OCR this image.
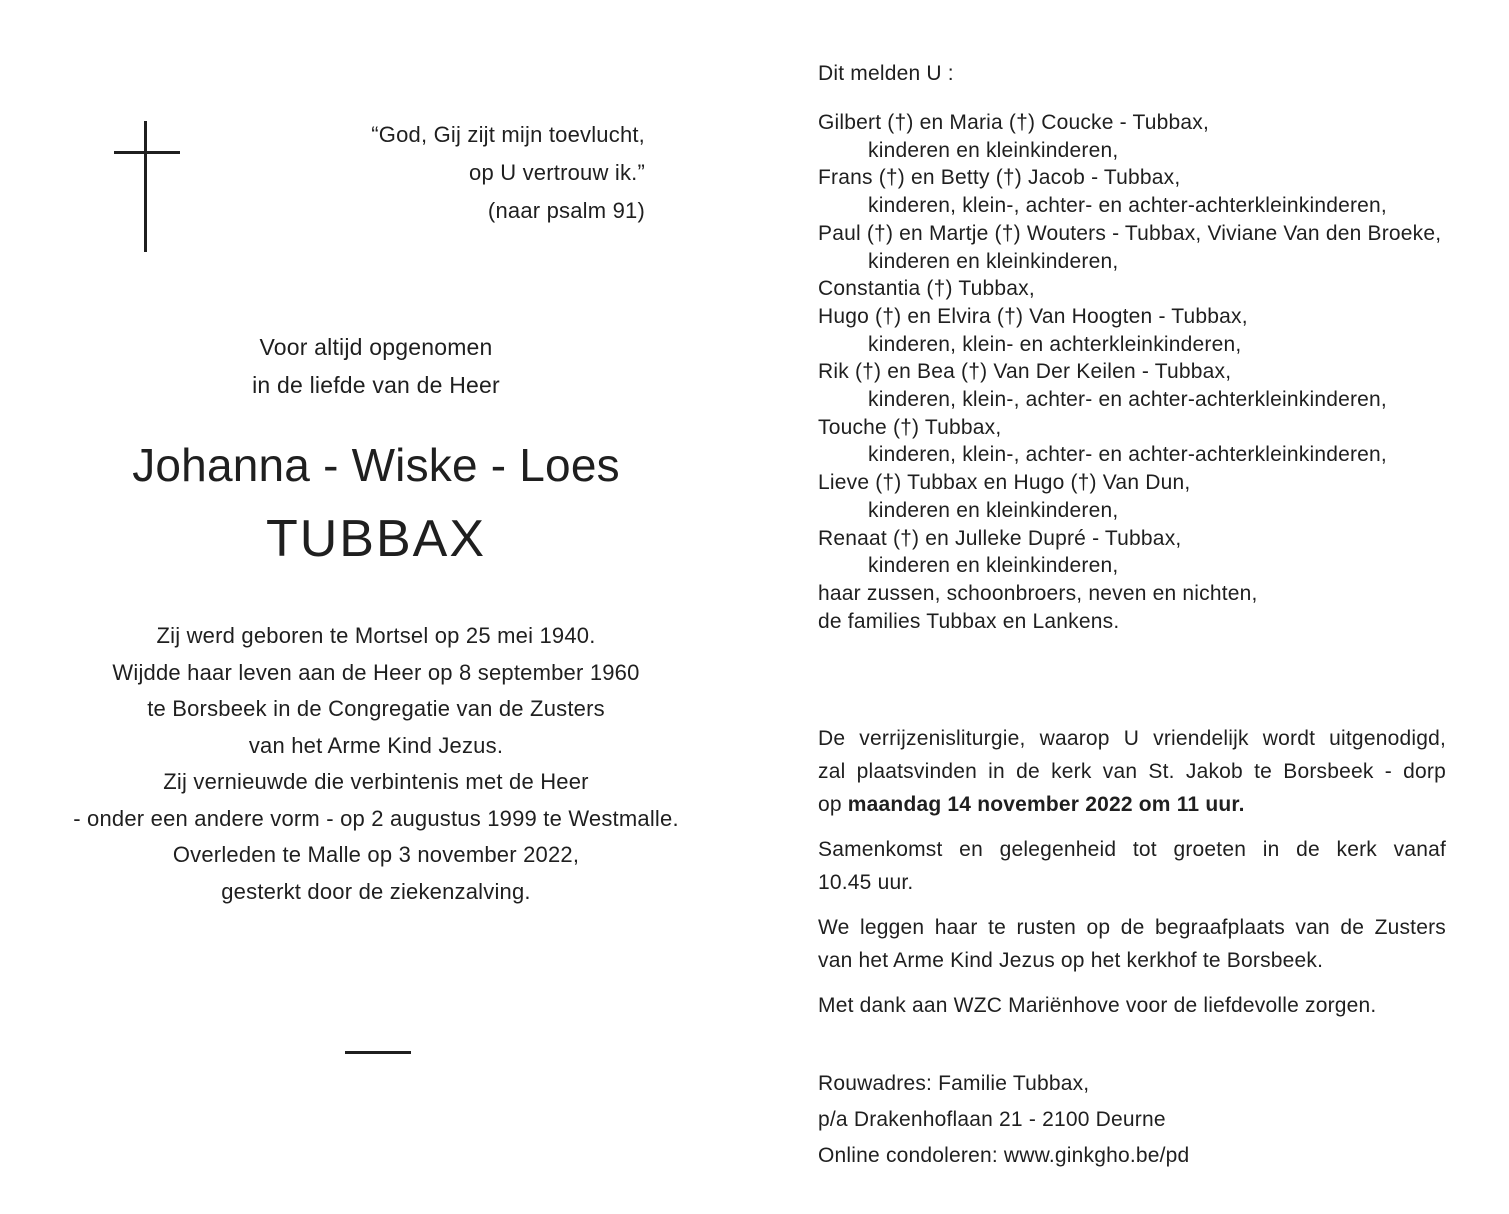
“God, Gij zijt mijn toevlucht,
op U vertrouw ik.”
(naar psalm 91)
Voor altijd opgenomen
in de liefde van de Heer
Johanna - Wiske - Loes
TUBBAX
Zij werd geboren te Mortsel op 25 mei 1940.
Wijdde haar leven aan de Heer op 8 september 1960
te Borsbeek in de Congregatie van de Zusters
van het Arme Kind Jezus.
Zij vernieuwde die verbintenis met de Heer
- onder een andere vorm - op 2 augustus 1999 te Westmalle.
Overleden te Malle op 3 november 2022,
gesterkt door de ziekenzalving.
Dit melden U :
Gilbert (†) en Maria (†) Coucke - Tubbax,
kinderen en kleinkinderen,
Frans (†) en Betty (†) Jacob - Tubbax,
kinderen, klein-, achter- en achter-achterkleinkinderen,
Paul (†) en Martje (†) Wouters - Tubbax, Viviane Van den Broeke,
kinderen en kleinkinderen,
Constantia (†) Tubbax,
Hugo (†) en Elvira (†) Van Hoogten - Tubbax,
kinderen, klein- en achterkleinkinderen,
Rik (†) en Bea (†) Van Der Keilen - Tubbax,
kinderen, klein-, achter- en achter-achterkleinkinderen,
Touche (†) Tubbax,
kinderen, klein-, achter- en achter-achterkleinkinderen,
Lieve (†) Tubbax en Hugo (†) Van Dun,
kinderen en kleinkinderen,
Renaat (†) en Julleke Dupré - Tubbax,
kinderen en kleinkinderen,
haar zussen, schoonbroers, neven en nichten,
de families Tubbax en Lankens.

De verrijzenisliturgie, waarop U vriendelijk wordt uitgenodigd,
zal plaatsvinden in de kerk van St. Jakob te Borsbeek - dorp
op maandag 14 november 2022 om 11 uur.

Samenkomst en gelegenheid tot groeten in de kerk vanaf
10.45 uur.

We leggen haar te rusten op de begraafplaats van de Zusters
van het Arme Kind Jezus op het kerkhof te Borsbeek.

Met dank aan WZC Mariënhove voor de liefdevolle zorgen.

Rouwadres: Familie Tubbax,
p/a Drakenhoflaan 21 - 2100 Deurne
Online condoleren: www.ginkgho.be/pd
